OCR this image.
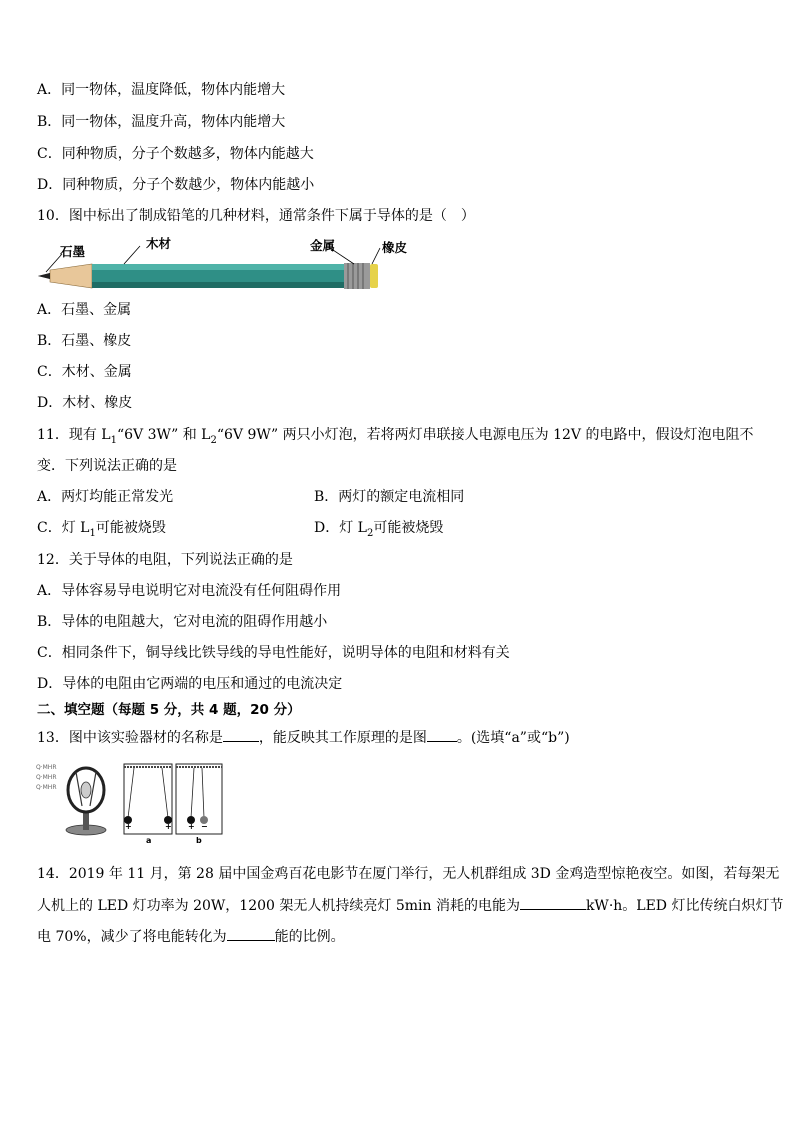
A．同一物体，温度降低，物体内能增大
B．同一物体，温度升高，物体内能增大
C．同种物质，分子个数越多，物体内能越大
D．同种物质，分子个数越少，物体内能越小
10．图中标出了制成铅笔的几种材料，通常条件下属于导体的是（　）
石墨
木材	金属	橡皮
A．石墨、金属
B．石墨、橡皮
C．木材、金属
D．木材、橡皮
11．现有 $L_1“6V$ 3W” 和 $L_2“6V$ 9W” 两只小灯泡，若将两灯串联接人电源电压为 12V 的电路中，假设灯泡电阻不
变．下列说法正确的是
A．两灯均能正常发光	B．两灯的额定电流相同
C．灯 $L_1$可能被烧毁	D．灯 $L_2$可能被烧毁
12．关于导体的电阻，下列说法正确的是
A．导体容易导电说明它对电流没有任何阻碍作用
B．导体的电阻越大，它对电流的阻碍作用越小
C．相同条件下，铜导线比铁导线的导电性能好，说明导体的电阻和材料有关
D．导体的电阻由它两端的电压和通过的电流决定
二、填空题（每题 5 分，共 4 题，20 分）
13．图中该实验器材的名称是	，能反映其工作原理的是图 。(选填“a”或“b”)
Q·MHR
Q·MHR
Q·MHR
+	+ + −
a	b
14．2019 年 11 月，第 28 届中国金鸡百花电影节在厦门举行，无人机群组成 3D 金鸡造型惊艳夜空。如图，若每架无
人机上的 LED 灯功率为 20W，1200 架无人机持续亮灯 5min 消耗的电能为	kW·h。LED 灯比传统白炽灯节
电 70%，减少了将电能转化为	能的比例。
